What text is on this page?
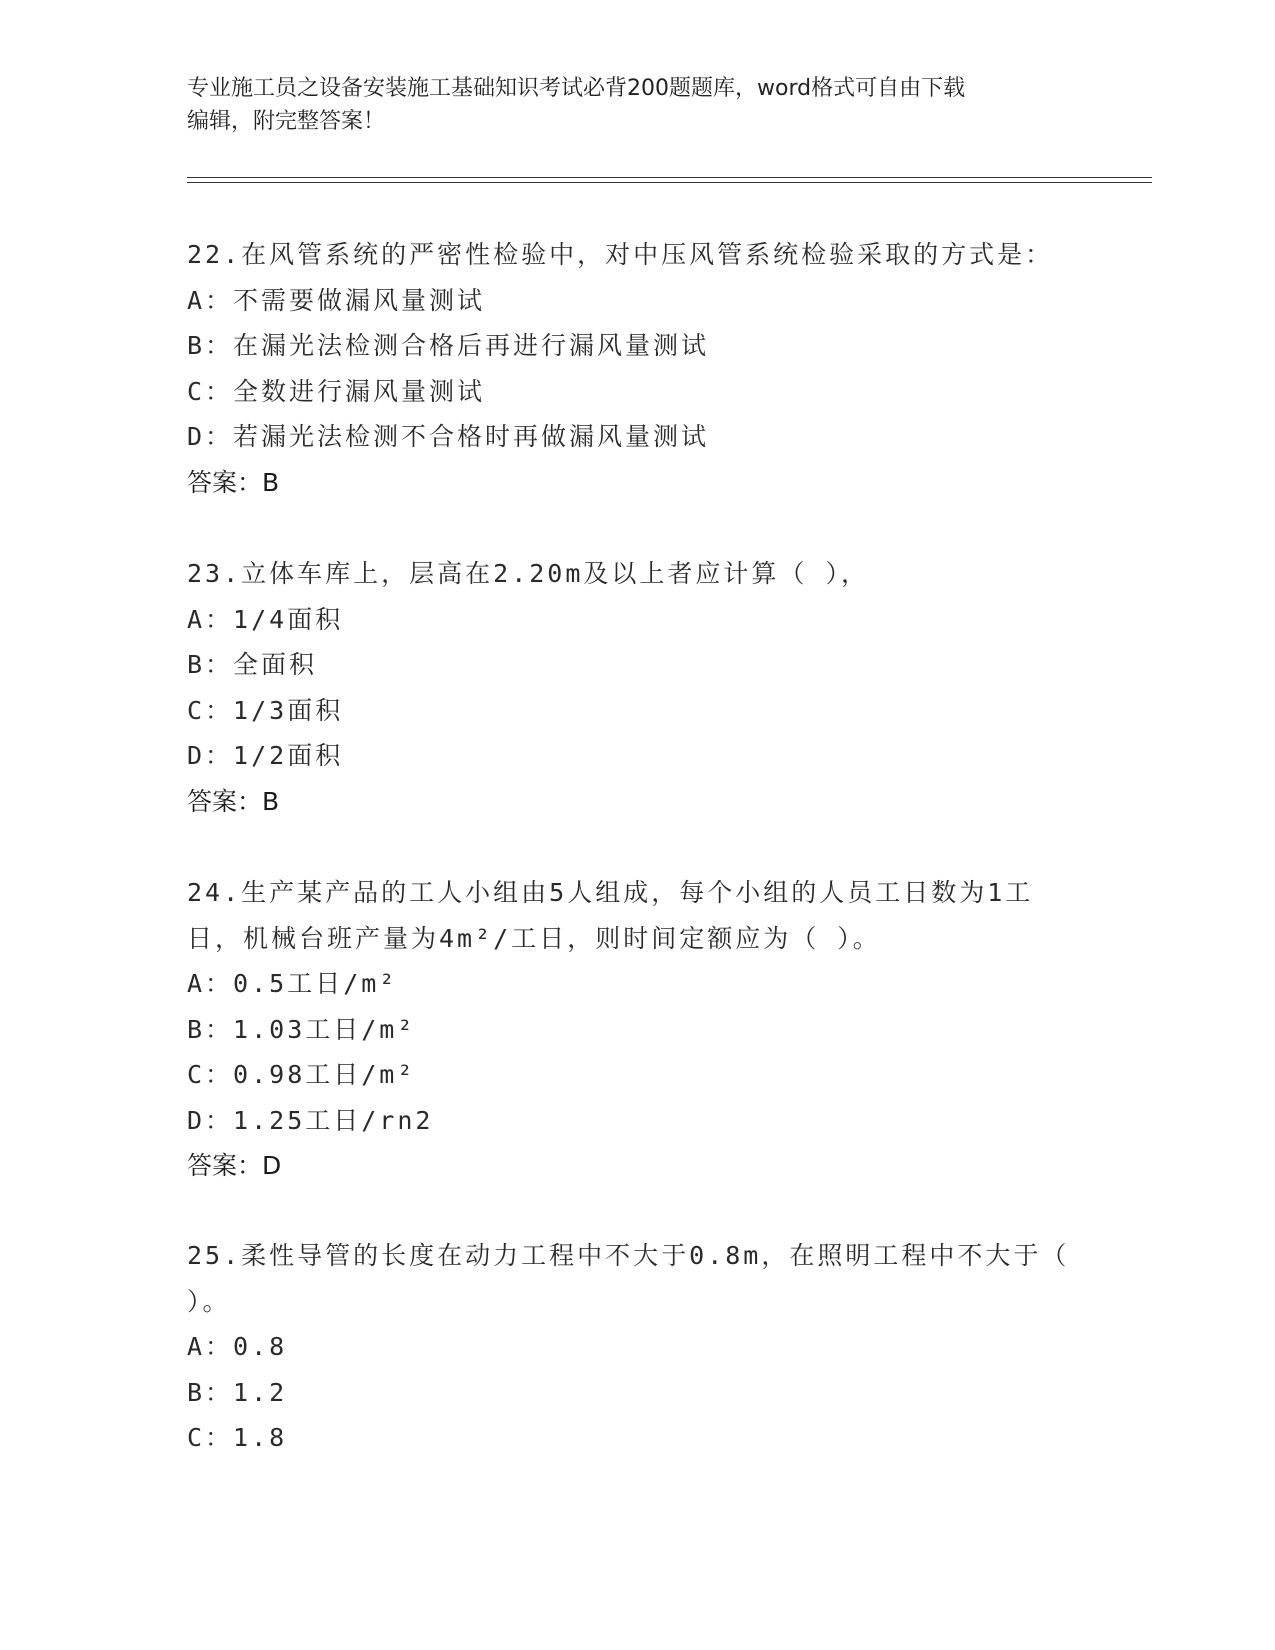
专业施工员之设备安装施工基础知识考试必背200题题库，word格式可自由下载
编辑，附完整答案！

22.在风管系统的严密性检验中，对中压风管系统检验采取的方式是：

A：不需要做漏风量测试

B：在漏光法检测合格后再进行漏风量测试

C：全数进行漏风量测试

D：若漏光法检测不合格时再做漏风量测试

答案：B

23.立体车库上，层高在2.20m及以上者应计算（ ），

A：1/4面积

B：全面积

C：1/3面积

D：1/2面积

答案：B

24.生产某产品的工人小组由5人组成，每个小组的人员工日数为1工

日，机械台班产量为4m²/工日，则时间定额应为（ ）。

A：0.5工日/m²

B：1.03工日/m²

C：0.98工日/m²

D：1.25工日/rn2

答案：D

25.柔性导管的长度在动力工程中不大于0.8m，在照明工程中不大于（

）。

A：0.8

B：1.2

C：1.8
